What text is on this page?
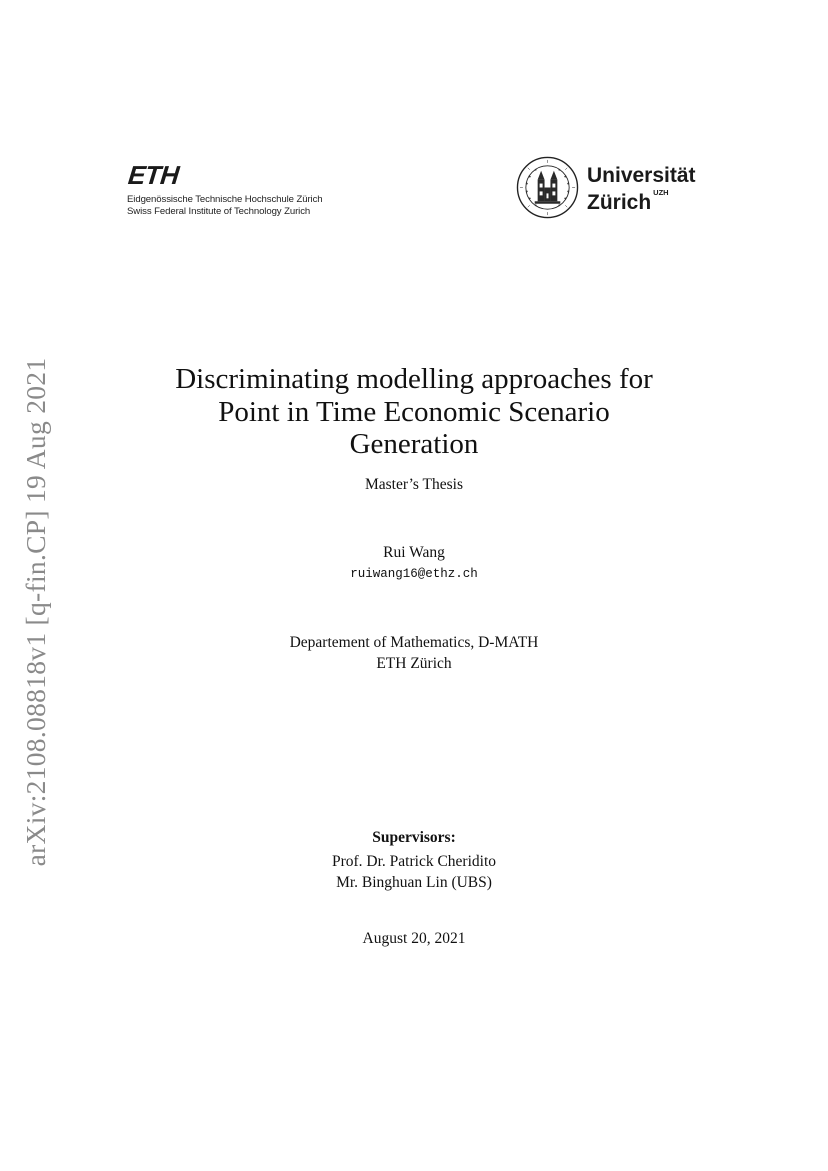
arXiv:2108.08818v1 [q-fin.CP] 19 Aug 2021
ETH
Eidgenössische Technische Hochschule Zürich
Swiss Federal Institute of Technology Zurich
Universität
Zürich $^{UZH}$
Discriminating modelling approaches for
Point in Time Economic Scenario
Generation
Master’s Thesis
Rui Wang
ruiwang16@ethz.ch
Departement of Mathematics, D-MATH
ETH Zürich
Supervisors:
Prof. Dr. Patrick Cheridito
Mr. Binghuan Lin (UBS)
August 20, 2021
